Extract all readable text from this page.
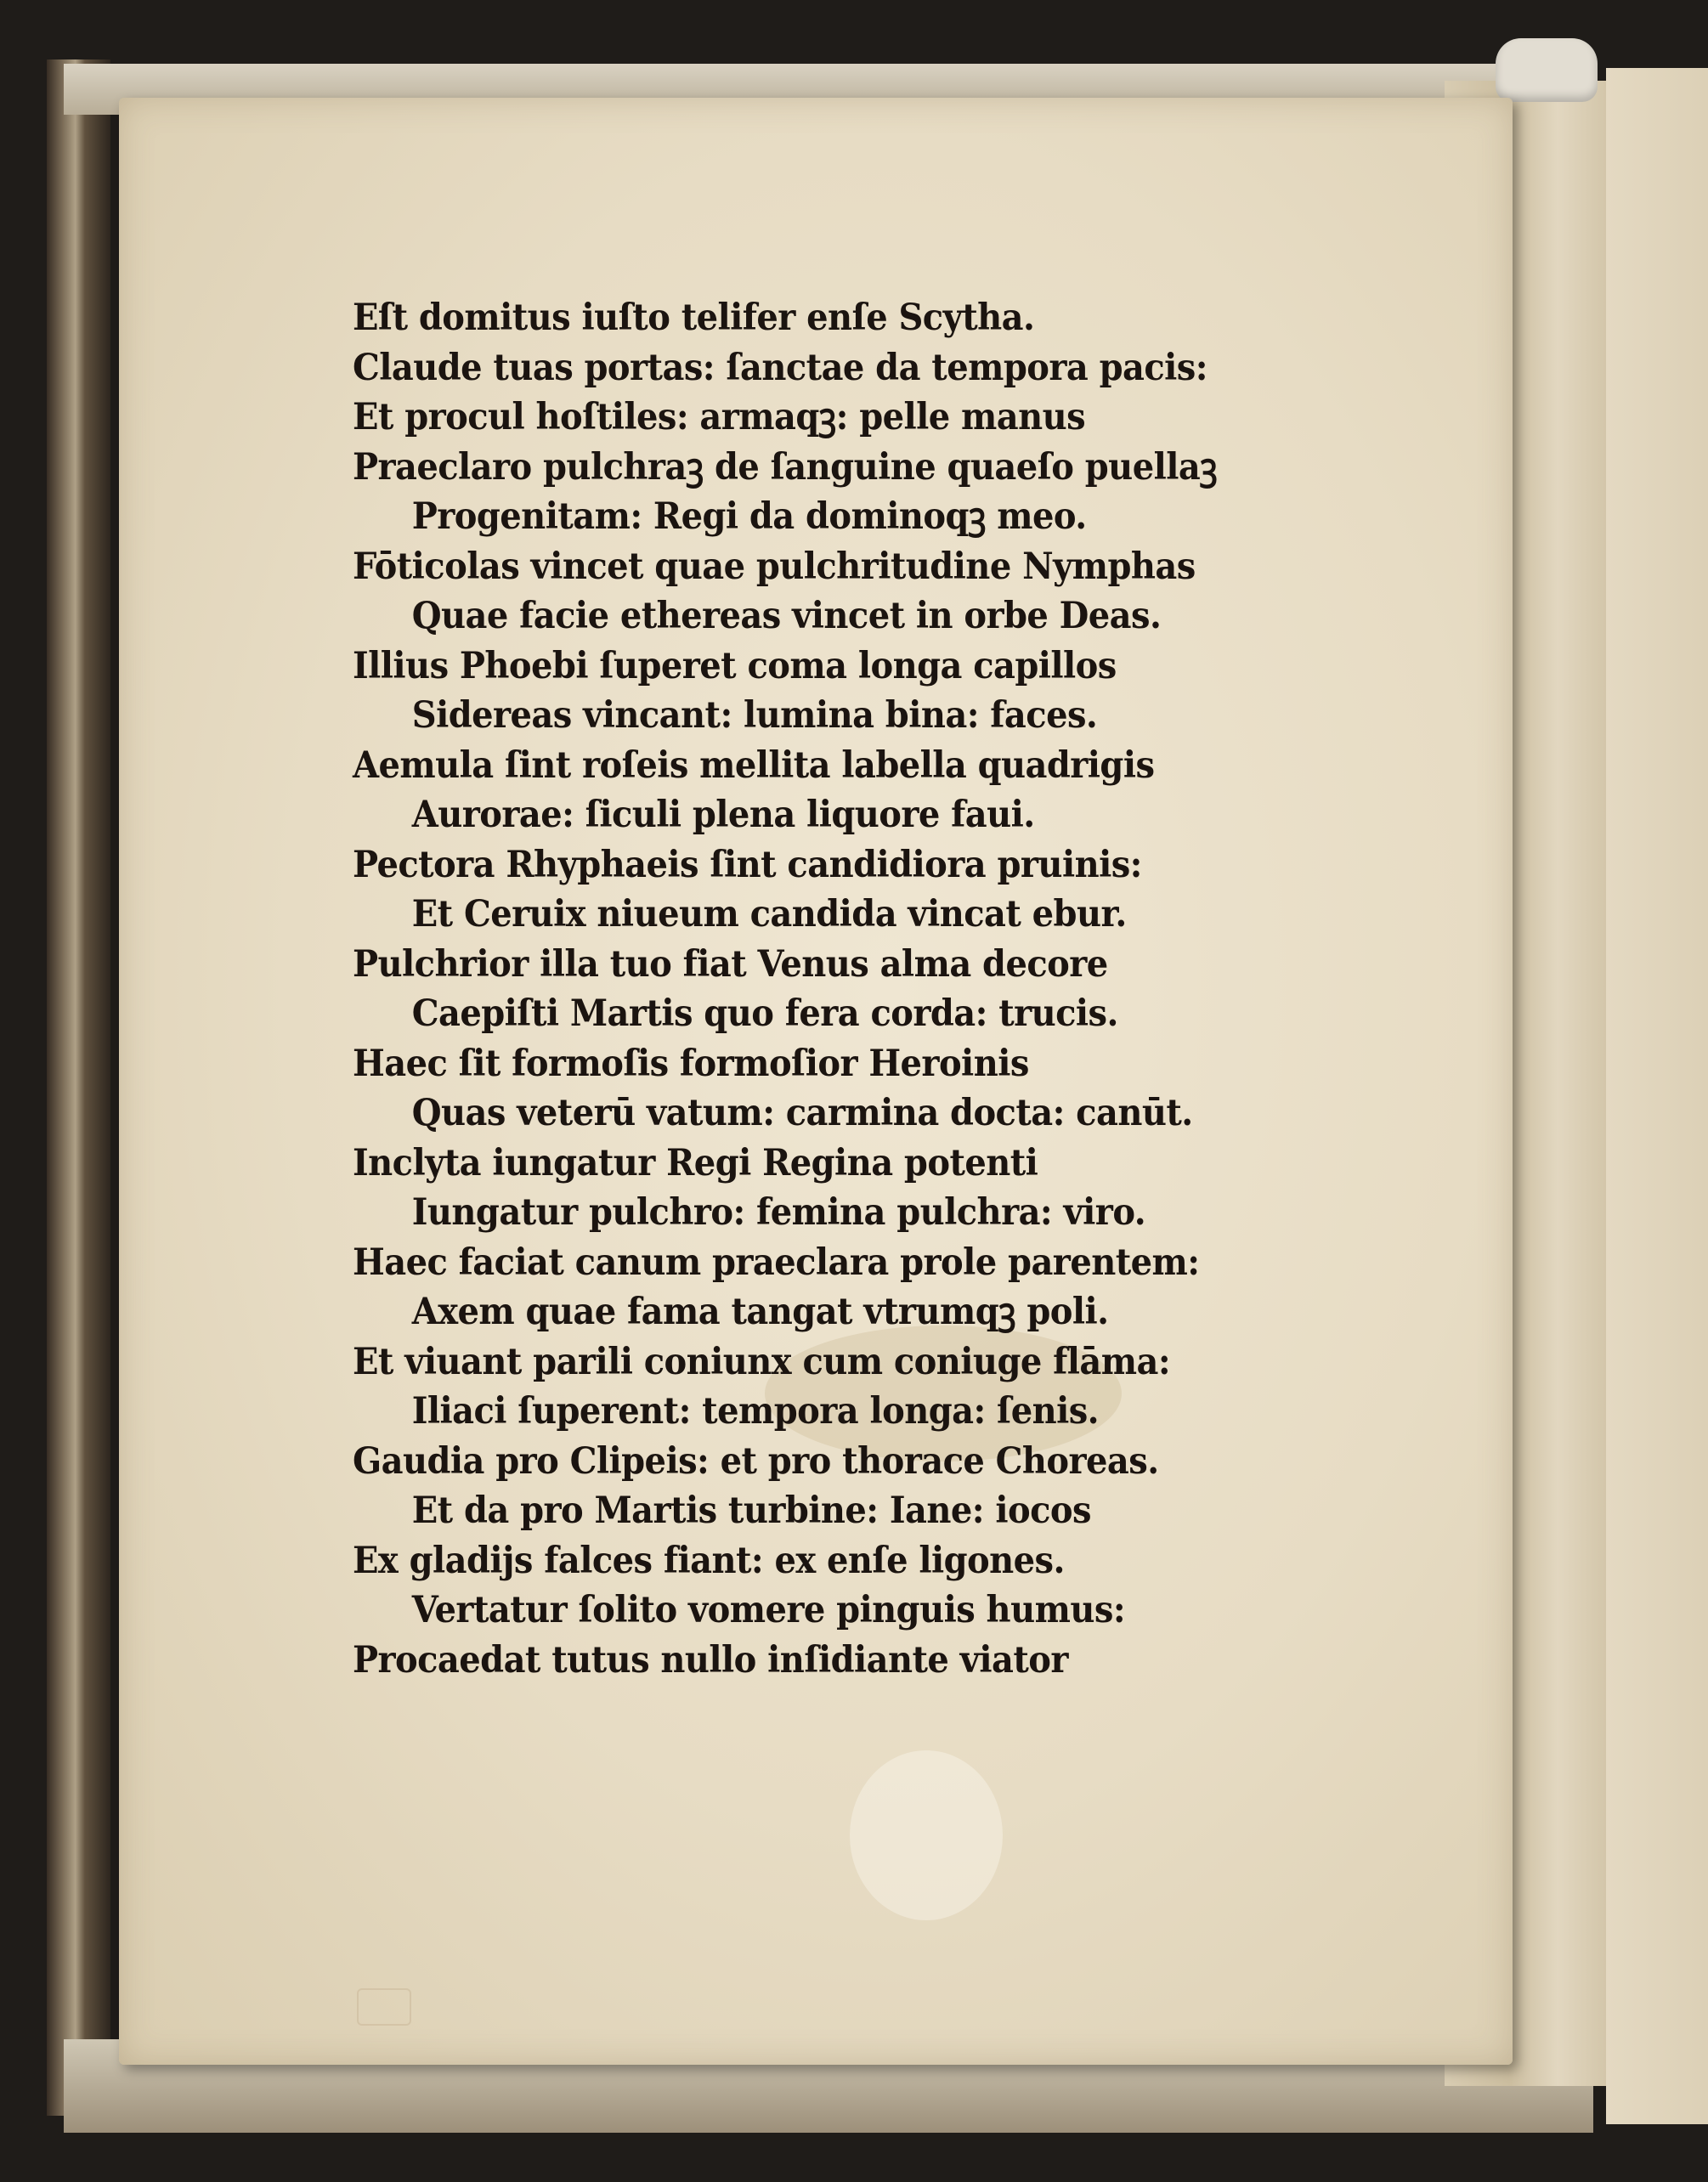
Eſt domitus iuſto telifer enſe Scytha.
Claude tuas portas: ſanctae da tempora pacis:
Et procul hoſtiles: armaqꝫ: pelle manus
Praeclaro pulchraꝫ de ſanguine quaeſo puellaꝫ
Progenitam: Regi da dominoqꝫ meo.
Fōticolas vincet quae pulchritudine Nymphas
Quae facie ethereas vincet in orbe Deas.
Illius Phoebi ſuperet coma longa capillos
Sidereas vincant: lumina bina: faces.
Aemula ſint roſeis mellita labella quadrigis
Aurorae: ſiculi plena liquore faui.
Pectora Rhyphaeis ſint candidiora pruinis:
Et Ceruix niueum candida vincat ebur.
Pulchrior illa tuo fiat Venus alma decore
Caepiſti Martis quo fera corda: trucis.
Haec ſit formoſis formoſior Heroinis
Quas veterū vatum: carmina docta: canūt.
Inclyta iungatur Regi Regina potenti
Iungatur pulchro: femina pulchra: viro.
Haec faciat canum praeclara prole parentem:
Axem quae fama tangat vtrumqꝫ poli.
Et viuant parili coniunx cum coniuge flāma:
Iliaci ſuperent: tempora longa: ſenis.
Gaudia pro Clipeis: et pro thorace Choreas.
Et da pro Martis turbine: Iane: iocos
Ex gladijs falces fiant: ex enſe ligones.
Vertatur ſolito vomere pinguis humus:
Procaedat tutus nullo inſidiante viator
